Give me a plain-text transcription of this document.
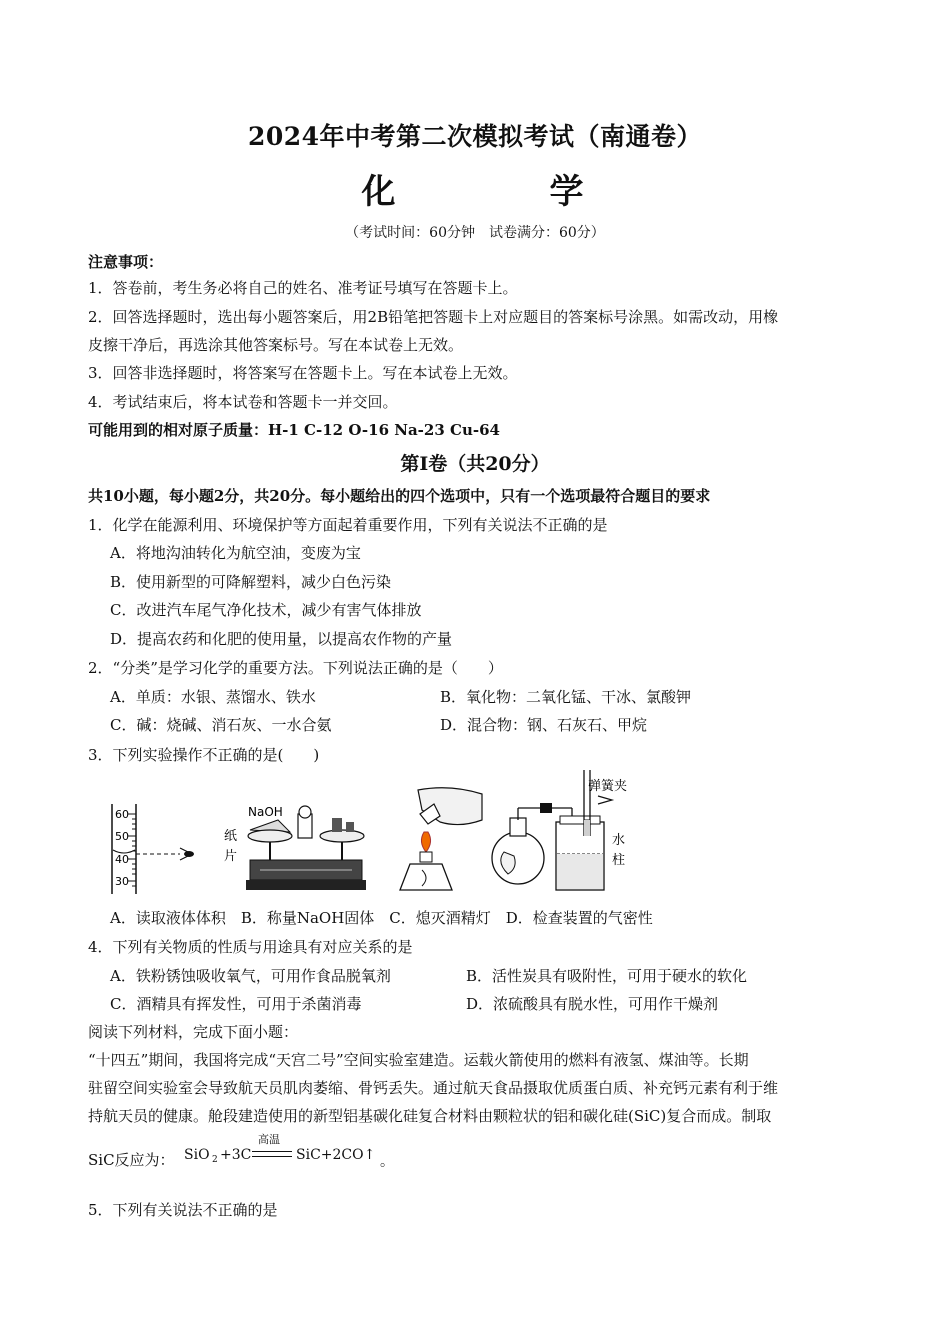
2024年中考第二次模拟考试（南通卷）
化　学
（考试时间：60分钟　试卷满分：60分）
注意事项：
1．答卷前，考生务必将自己的姓名、准考证号填写在答题卡上。
2．回答选择题时，选出每小题答案后，用2B铅笔把答题卡上对应题目的答案标号涂黑。如需改动，用橡
皮擦干净后，再选涂其他答案标号。写在本试卷上无效。
3．回答非选择题时，将答案写在答题卡上。写在本试卷上无效。
4．考试结束后，将本试卷和答题卡一并交回。
可能用到的相对原子质量：H-1 C-12 O-16 Na-23 Cu-64
第I卷（共20分）
共10小题，每小题2分，共20分。每小题给出的四个选项中，只有一个选项最符合题目的要求
1．化学在能源利用、环境保护等方面起着重要作用，下列有关说法不正确的是
A．将地沟油转化为航空油，变废为宝
B．使用新型的可降解塑料，减少白色污染
C．改进汽车尾气净化技术，减少有害气体排放
D．提高农药和化肥的使用量，以提高农作物的产量
2．“分类”是学习化学的重要方法。下列说法正确的是（　　）
A．单质：水银、蒸馏水、铁水	B．氧化物：二氧化锰、干冰、氯酸钾
C．碱：烧碱、消石灰、一水合氨	D．混合物：钢、石灰石、甲烷
3．下列实验操作不正确的是(　　)
60
50
40
30
NaOH
纸
片
弹簧夹
水
柱
A．读取液体体积　B．称量NaOH固体　C．熄灭酒精灯　D．检查装置的气密性
4．下列有关物质的性质与用途具有对应关系的是
A．铁粉锈蚀吸收氧气，可用作食品脱氧剂	B．活性炭具有吸附性，可用于硬水的软化
C．酒精具有挥发性，可用于杀菌消毒	D．浓硫酸具有脱水性，可用作干燥剂
阅读下列材料，完成下面小题：
“十四五”期间，我国将完成“天宫二号”空间实验室建造。运载火箭使用的燃料有液氢、煤油等。长期
驻留空间实验室会导致航天员肌肉萎缩、骨钙丢失。通过航天食品摄取优质蛋白质、补充钙元素有利于维
持航天员的健康。舱段建造使用的新型铝基碳化硅复合材料由颗粒状的铝和碳化硅(SiC)复合而成。制取
SiC反应为： SiO 2 +3C
高温
SiC+2CO↑ 。
5．下列有关说法不正确的是
